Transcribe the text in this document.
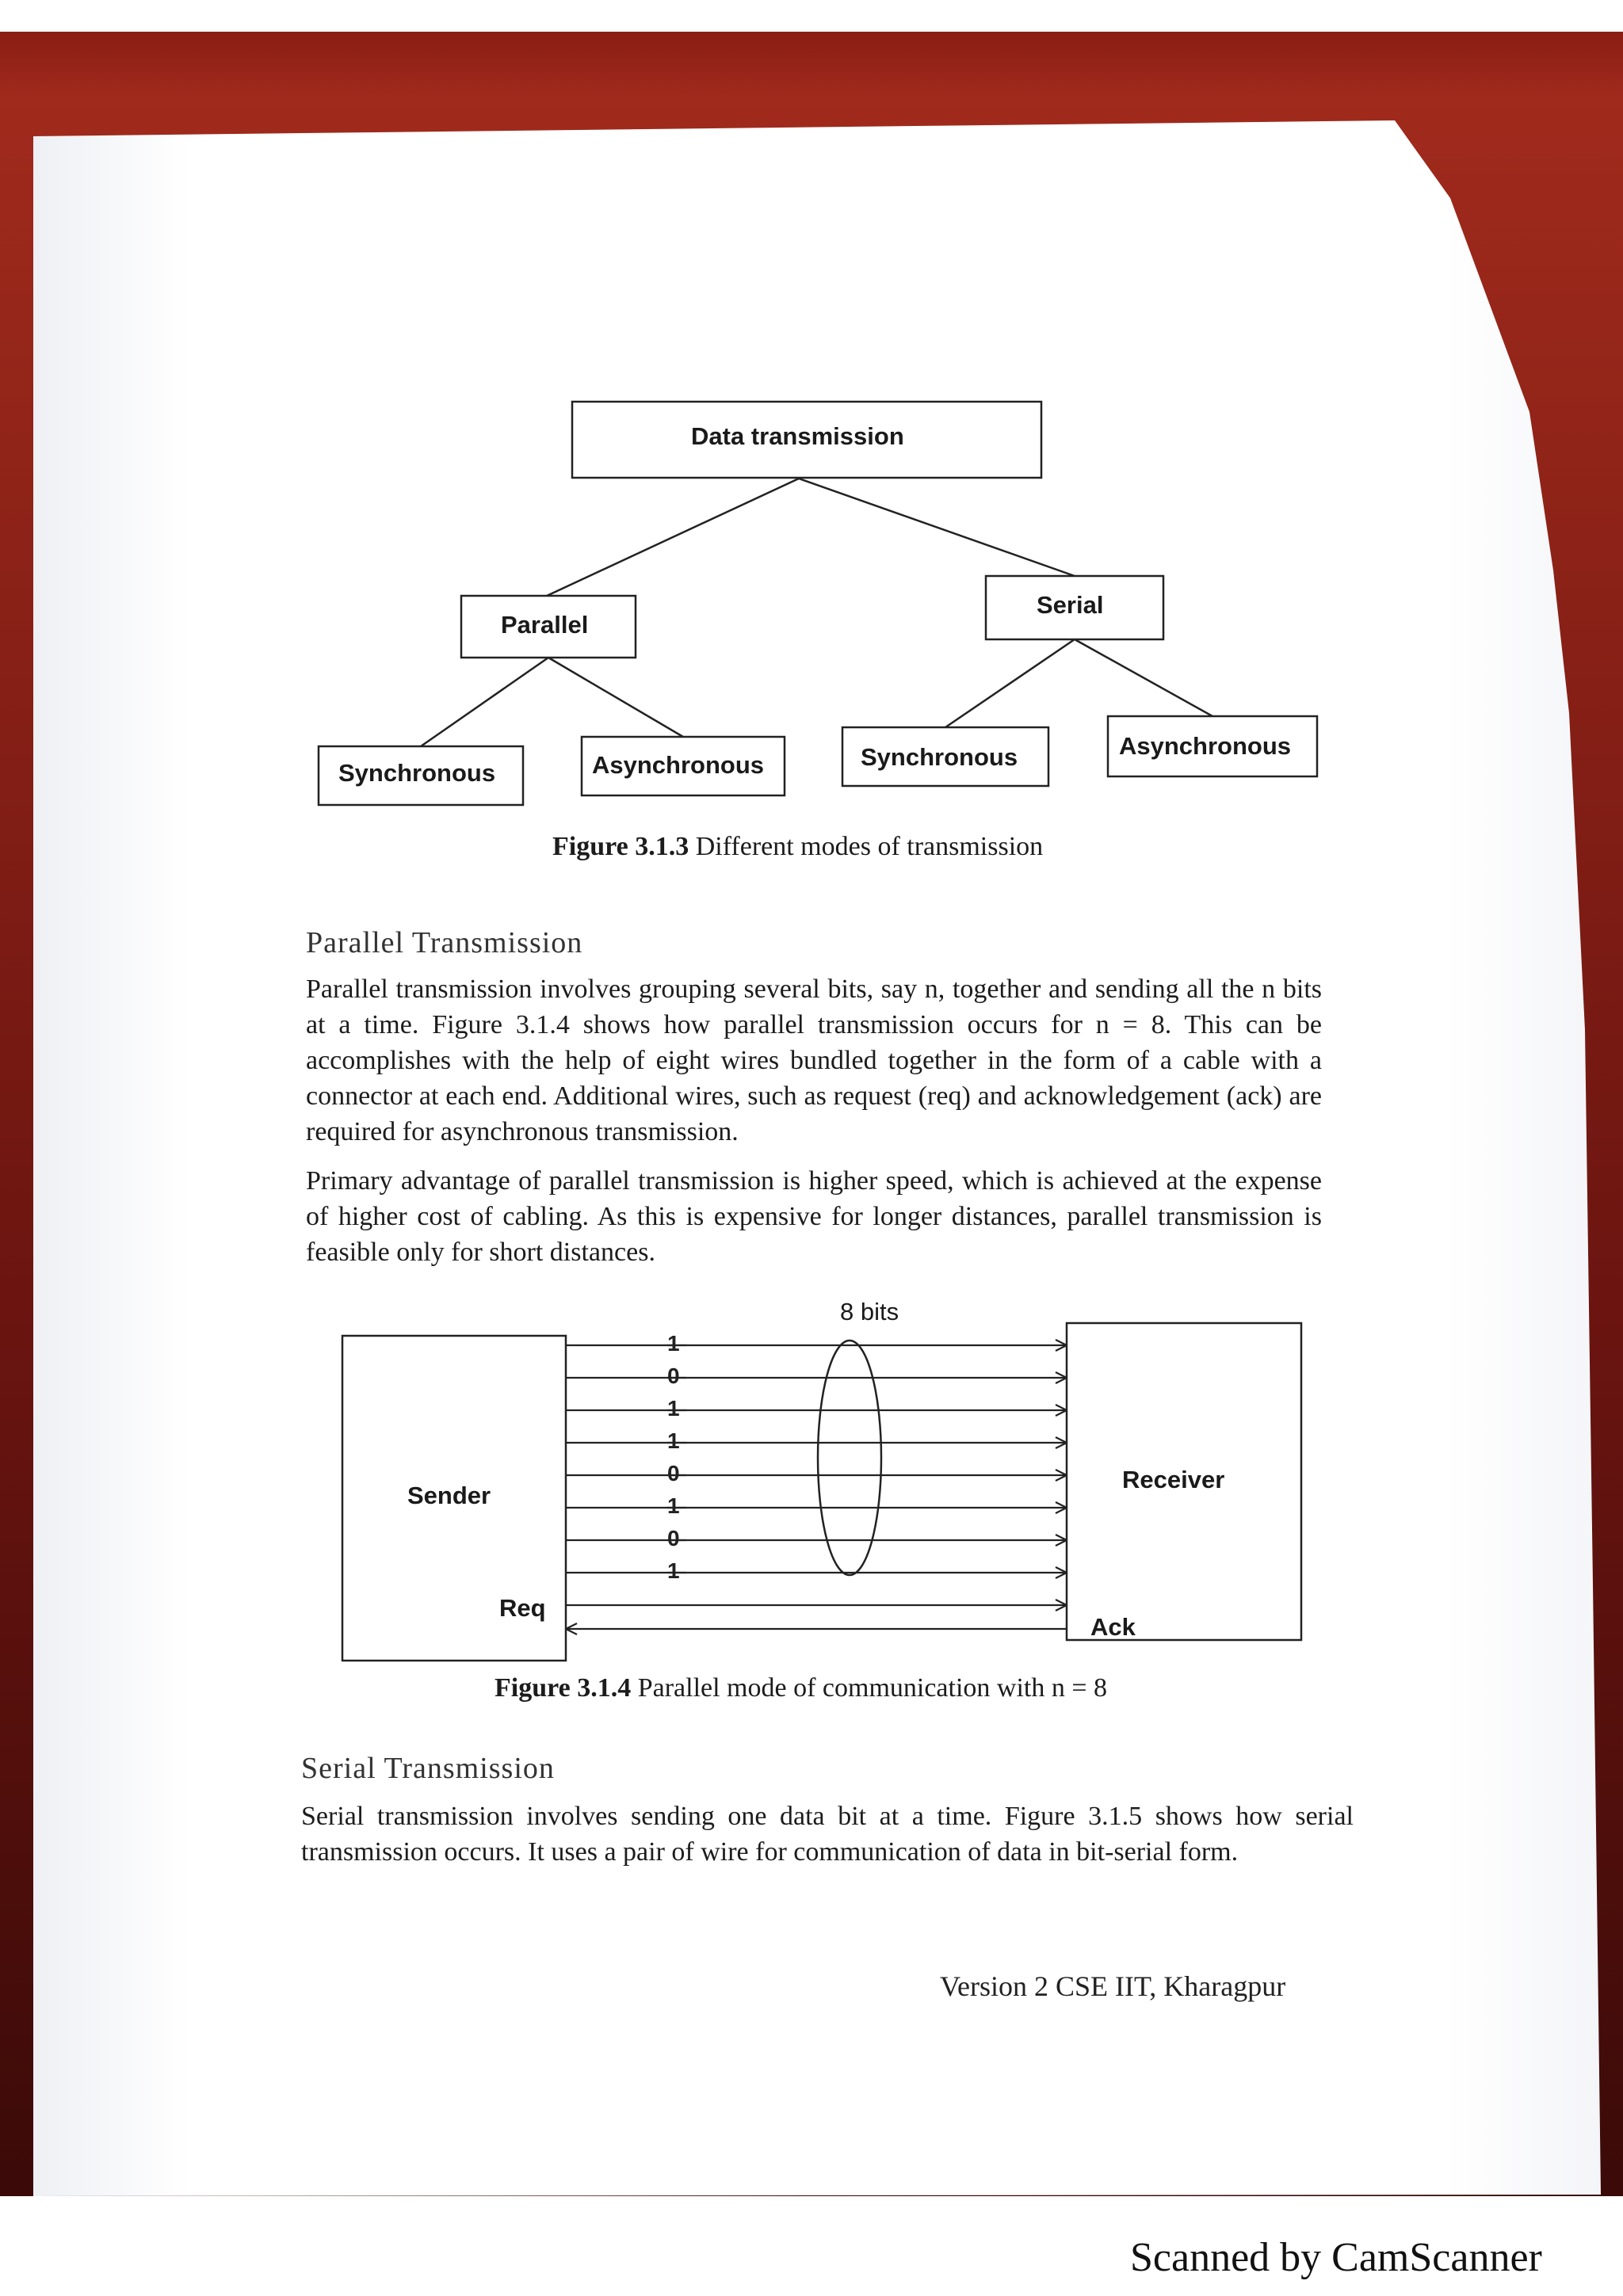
Data transmission
Parallel
Serial
Synchronous	Asynchronous	Synchronous	Asynchronous
Figure 3.1.3 Different modes of transmission
Parallel Transmission
Parallel transmission involves grouping several bits, say n, together and sending all the n bits at a time. Figure 3.1.4 shows how parallel transmission occurs for n = 8. This can be accomplishes with the help of eight wires bundled together in the form of a cable with a connector at each end. Additional wires, such as request (req) and acknowledgement (ack) are required for asynchronous transmission.
Primary advantage of parallel transmission is higher speed, which is achieved at the expense of higher cost of cabling. As this is expensive for longer distances, parallel transmission is feasible only for short distances.
Sender
Receiver
Req
Ack
8 bits
1
0
1
1
0
1
0
1
Figure 3.1.4 Parallel mode of communication with n = 8
Serial Transmission
Serial transmission involves sending one data bit at a time. Figure 3.1.5 shows how serial transmission occurs. It uses a pair of wire for communication of data in bit-serial form.
Version 2 CSE IIT, Kharagpur
Scanned by CamScanner
